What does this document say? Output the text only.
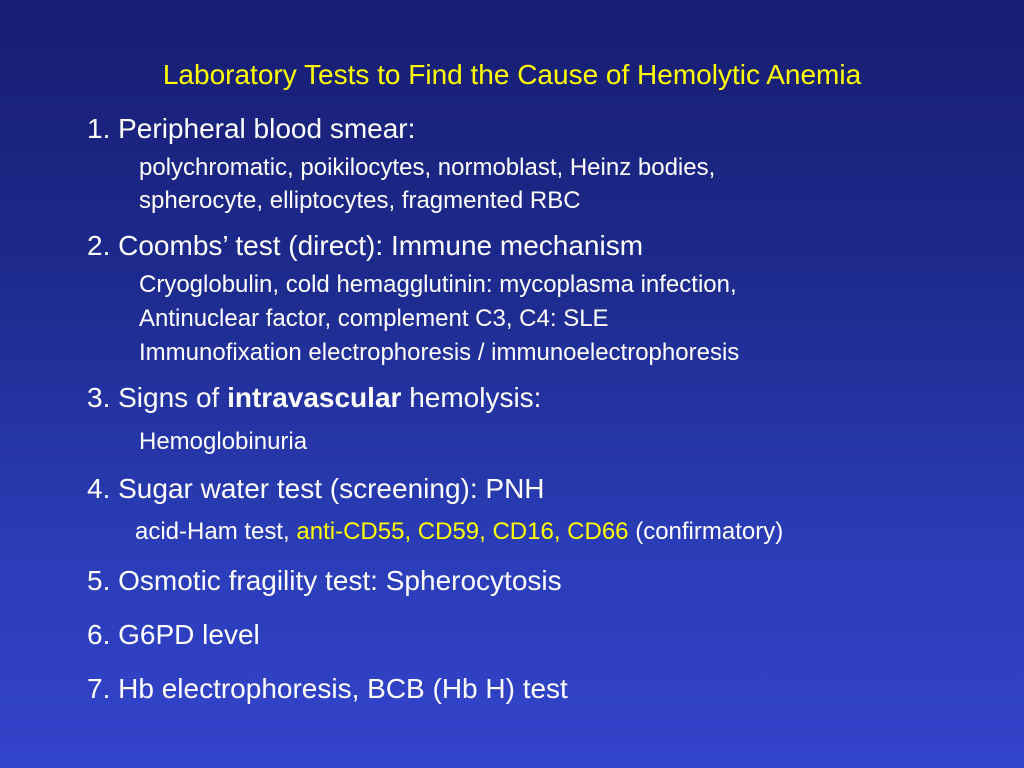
Laboratory Tests to Find the Cause of Hemolytic Anemia
1. Peripheral blood smear:
polychromatic, poikilocytes, normoblast, Heinz bodies,
spherocyte, elliptocytes, fragmented RBC
2. Coombs’ test (direct): Immune mechanism
Cryoglobulin, cold hemagglutinin: mycoplasma infection,
Antinuclear factor, complement C3, C4: SLE
Immunofixation electrophoresis / immunoelectrophoresis
3. Signs of intravascular hemolysis:
Hemoglobinuria
4. Sugar water test (screening): PNH
acid-Ham test, anti-CD55, CD59, CD16, CD66 (confirmatory)
5. Osmotic fragility test: Spherocytosis
6. G6PD level
7. Hb electrophoresis, BCB (Hb H) test
